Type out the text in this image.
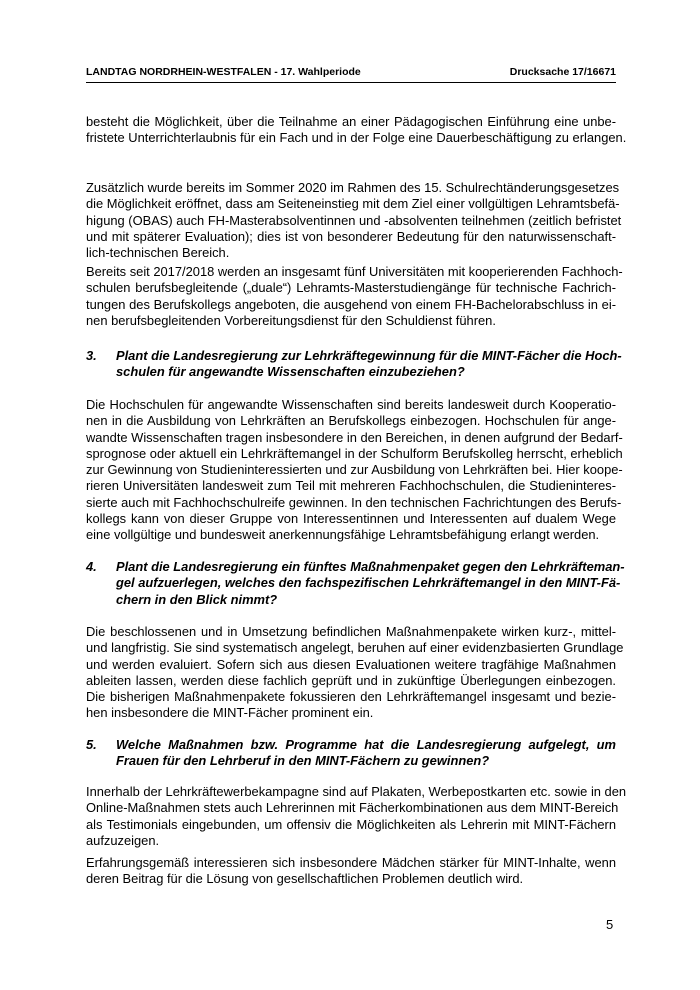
LANDTAG NORDRHEIN-WESTFALEN - 17. Wahlperiode	Drucksache 17/16671
besteht die Möglichkeit, über die Teilnahme an einer Pädagogischen Einführung eine unbe-
fristete Unterrichterlaubnis für ein Fach und in der Folge eine Dauerbeschäftigung zu erlangen.
Zusätzlich wurde bereits im Sommer 2020 im Rahmen des 15. Schulrechtänderungsgesetzes
die Möglichkeit eröffnet, dass am Seiteneinstieg mit dem Ziel einer vollgültigen Lehramtsbefä-
higung (OBAS) auch FH-Masterabsolventinnen und -absolventen teilnehmen (zeitlich befristet
und mit späterer Evaluation); dies ist von besonderer Bedeutung für den naturwissenschaft-
lich-technischen Bereich.
Bereits seit 2017/2018 werden an insgesamt fünf Universitäten mit kooperierenden Fachhoch-
schulen berufsbegleitende („duale“) Lehramts-Masterstudiengänge für technische Fachrich-
tungen des Berufskollegs angeboten, die ausgehend von einem FH-Bachelorabschluss in ei-
nen berufsbegleitenden Vorbereitungsdienst für den Schuldienst führen.
3.	Plant die Landesregierung zur Lehrkräftegewinnung für die MINT-Fächer die Hoch-
schulen für angewandte Wissenschaften einzubeziehen?
Die Hochschulen für angewandte Wissenschaften sind bereits landesweit durch Kooperatio-
nen in die Ausbildung von Lehrkräften an Berufskollegs einbezogen. Hochschulen für ange-
wandte Wissenschaften tragen insbesondere in den Bereichen, in denen aufgrund der Bedarf-
sprognose oder aktuell ein Lehrkräftemangel in der Schulform Berufskolleg herrscht, erheblich
zur Gewinnung von Studieninteressierten und zur Ausbildung von Lehrkräften bei. Hier koope-
rieren Universitäten landesweit zum Teil mit mehreren Fachhochschulen, die Studieninteres-
sierte auch mit Fachhochschulreife gewinnen. In den technischen Fachrichtungen des Berufs-
kollegs kann von dieser Gruppe von Interessentinnen und Interessenten auf dualem Wege
eine vollgültige und bundesweit anerkennungsfähige Lehramtsbefähigung erlangt werden.
4.	Plant die Landesregierung ein fünftes Maßnahmenpaket gegen den Lehrkräfteman-
gel aufzuerlegen, welches den fachspezifischen Lehrkräftemangel in den MINT-Fä-
chern in den Blick nimmt?
Die beschlossenen und in Umsetzung befindlichen Maßnahmenpakete wirken kurz-, mittel-
und langfristig. Sie sind systematisch angelegt, beruhen auf einer evidenzbasierten Grundlage
und werden evaluiert. Sofern sich aus diesen Evaluationen weitere tragfähige Maßnahmen
ableiten lassen, werden diese fachlich geprüft und in zukünftige Überlegungen einbezogen.
Die bisherigen Maßnahmenpakete fokussieren den Lehrkräftemangel insgesamt und bezie-
hen insbesondere die MINT-Fächer prominent ein.
5.	Welche Maßnahmen bzw. Programme hat die Landesregierung aufgelegt, um
Frauen für den Lehrberuf in den MINT-Fächern zu gewinnen?
Innerhalb der Lehrkräftewerbekampagne sind auf Plakaten, Werbepostkarten etc. sowie in den
Online-Maßnahmen stets auch Lehrerinnen mit Fächerkombinationen aus dem MINT-Bereich
als Testimonials eingebunden, um offensiv die Möglichkeiten als Lehrerin mit MINT-Fächern
aufzuzeigen.
Erfahrungsgemäß interessieren sich insbesondere Mädchen stärker für MINT-Inhalte, wenn
deren Beitrag für die Lösung von gesellschaftlichen Problemen deutlich wird.
5
